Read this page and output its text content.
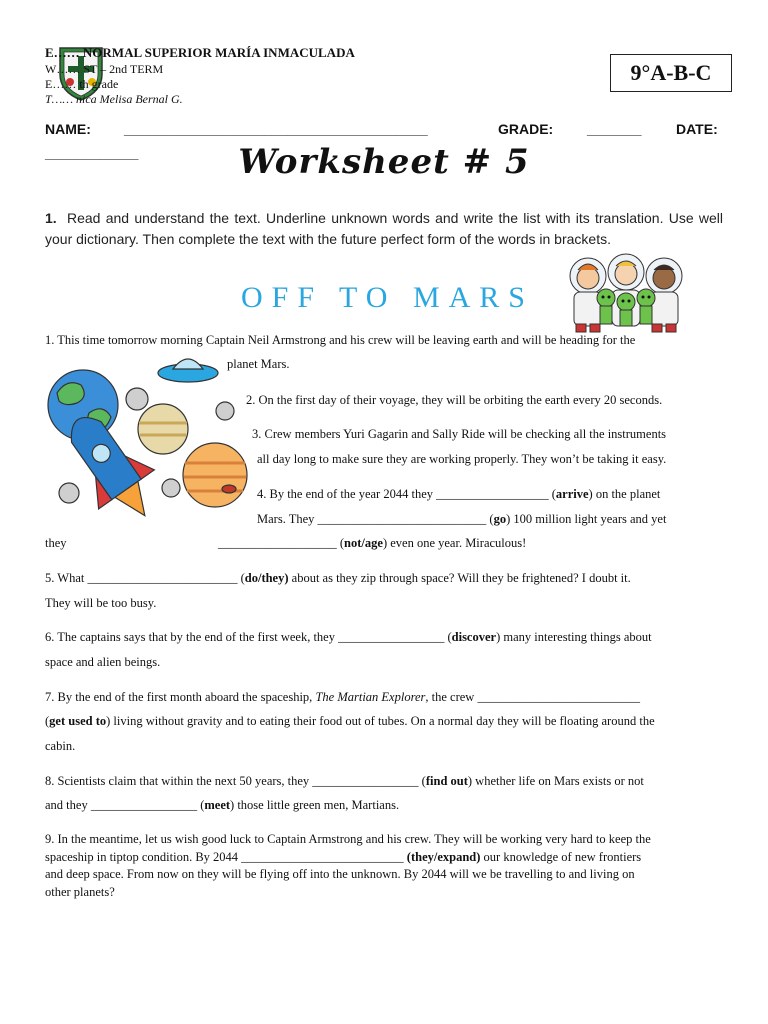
E…… NORMAL SUPERIOR MARÍA INMACULADA
W…… ST – 2nd TERM
E…… th grade
T…… nica Melisa Bernal G.
9°A-B-C
NAME: _______________________________________	GRADE: _______ DATE:
____________	Worksheet # 5
1. Read and understand the text. Underline unknown words and write the list with its translation. Use well your dictionary. Then complete the text with the future perfect form of the words in brackets.
OFF TO MARS
1. This time tomorrow morning Captain Neil Armstrong and his crew will be leaving earth and will be heading for the
planet Mars.
2. On the first day of their voyage, they will be orbiting the earth every 20 seconds.
3. Crew members Yuri Gagarin and Sally Ride will be checking all the instruments
all day long to make sure they are working properly. They won’t be taking it easy.
4. By the end of the year 2044 they __________________ (arrive) on the planet
Mars. They ___________________________ (go) 100 million light years and yet
they	___________________ (not/age) even one year. Miraculous!
5. What ________________________ (do/they) about as they zip through space? Will they be frightened? I doubt it.
They will be too busy.
6. The captains says that by the end of the first week, they _________________ (discover) many interesting things about
space and alien beings.
7. By the end of the first month aboard the spaceship, The Martian Explorer, the crew __________________________
(get used to) living without gravity and to eating their food out of tubes. On a normal day they will be floating around the
cabin.
8. Scientists claim that within the next 50 years, they _________________ (find out) whether life on Mars exists or not
and they _________________ (meet) those little green men, Martians.
9. In the meantime, let us wish good luck to Captain Armstrong and his crew. They will be working very hard to keep the
spaceship in tiptop condition. By 2044 __________________________ (they/expand) our knowledge of new frontiers
and deep space. From now on they will be flying off into the unknown. By 2044 will we be travelling to and living on
other planets?
